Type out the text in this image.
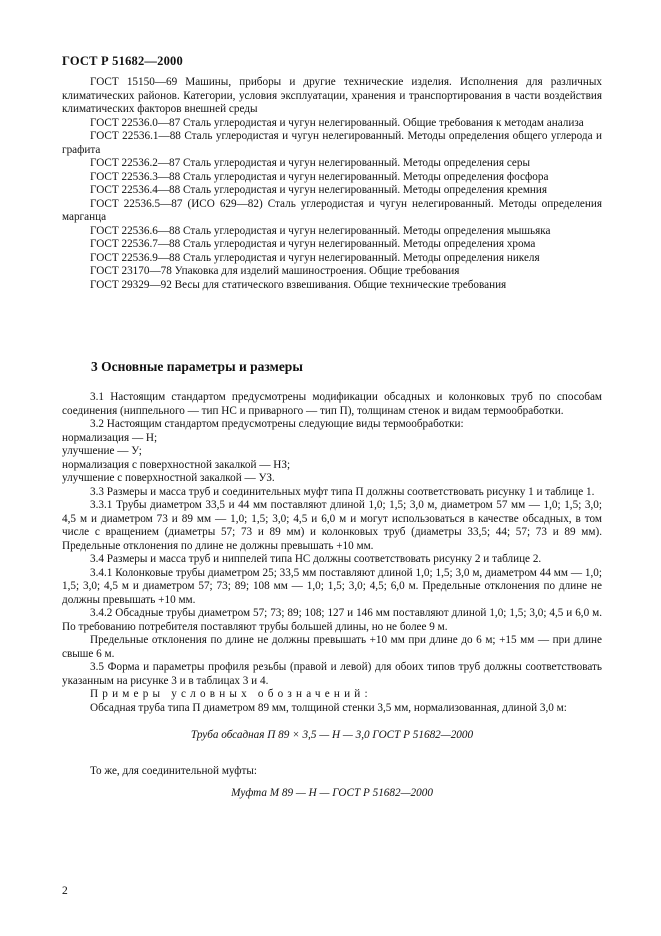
ГОСТ Р 51682—2000

ГОСТ 15150—69 Машины, приборы и другие технические изделия. Исполнения для различных климатических районов. Категории, условия эксплуатации, хранения и транспортирования в части воздействия климатических факторов внешней среды

ГОСТ 22536.0—87 Сталь углеродистая и чугун нелегированный. Общие требования к методам анализа

ГОСТ 22536.1—88 Сталь углеродистая и чугун нелегированный. Методы определения общего углерода и графита

ГОСТ 22536.2—87 Сталь углеродистая и чугун нелегированный. Методы определения серы

ГОСТ 22536.3—88 Сталь углеродистая и чугун нелегированный. Методы определения фосфора

ГОСТ 22536.4—88 Сталь углеродистая и чугун нелегированный. Методы определения кремния

ГОСТ 22536.5—87 (ИСО 629—82) Сталь углеродистая и чугун нелегированный. Методы определения марганца

ГОСТ 22536.6—88 Сталь углеродистая и чугун нелегированный. Методы определения мышьяка

ГОСТ 22536.7—88 Сталь углеродистая и чугун нелегированный. Методы определения хрома

ГОСТ 22536.9—88 Сталь углеродистая и чугун нелегированный. Методы определения никеля

ГОСТ 23170—78 Упаковка для изделий машиностроения. Общие требования

ГОСТ 29329—92 Весы для статического взвешивания. Общие технические требования

3 Основные параметры и размеры

3.1 Настоящим стандартом предусмотрены модификации обсадных и колонковых труб по способам соединения (ниппельного — тип НС и приварного — тип П), толщинам стенок и видам термообработки.

3.2 Настоящим стандартом предусмотрены следующие виды термообработки:

нормализация — Н;

улучшение — У;

нормализация с поверхностной закалкой — НЗ;

улучшение с поверхностной закалкой — УЗ.

3.3 Размеры и масса труб и соединительных муфт типа П должны соответствовать рисунку 1 и таблице 1.

3.3.1 Трубы диаметром 33,5 и 44 мм поставляют длиной 1,0; 1,5; 3,0 м, диаметром 57 мм — 1,0; 1,5; 3,0; 4,5 м и диаметром 73 и 89 мм — 1,0; 1,5; 3,0; 4,5 и 6,0 м и могут использоваться в качестве обсадных, в том числе с вращением (диаметры 57; 73 и 89 мм) и колонковых труб (диаметры 33,5; 44; 57; 73 и 89 мм). Предельные отклонения по длине не должны превышать +10 мм.

3.4 Размеры и масса труб и ниппелей типа НС должны соответствовать рисунку 2 и таблице 2.

3.4.1 Колонковые трубы диаметром 25; 33,5 мм поставляют длиной 1,0; 1,5; 3,0 м, диаметром 44 мм — 1,0; 1,5; 3,0; 4,5 м и диаметром 57; 73; 89; 108 мм — 1,0; 1,5; 3,0; 4,5; 6,0 м. Предельные отклонения по длине не должны превышать +10 мм.

3.4.2 Обсадные трубы диаметром 57; 73; 89; 108; 127 и 146 мм поставляют длиной 1,0; 1,5; 3,0; 4,5 и 6,0 м. По требованию потребителя поставляют трубы большей длины, но не более 9 м.

Предельные отклонения по длине не должны превышать +10 мм при длине до 6 м; +15 мм — при длине свыше 6 м.

3.5 Форма и параметры профиля резьбы (правой и левой) для обоих типов труб должны соответствовать указанным на рисунке 3 и в таблицах 3 и 4.

Примеры условных обозначений:

Обсадная труба типа П диаметром 89 мм, толщиной стенки 3,5 мм, нормализованная, длиной 3,0 м:

Труба обсадная П 89 × 3,5 — Н — 3,0 ГОСТ Р 51682—2000

То же, для соединительной муфты:

Муфта М 89 — Н — ГОСТ Р 51682—2000

2
